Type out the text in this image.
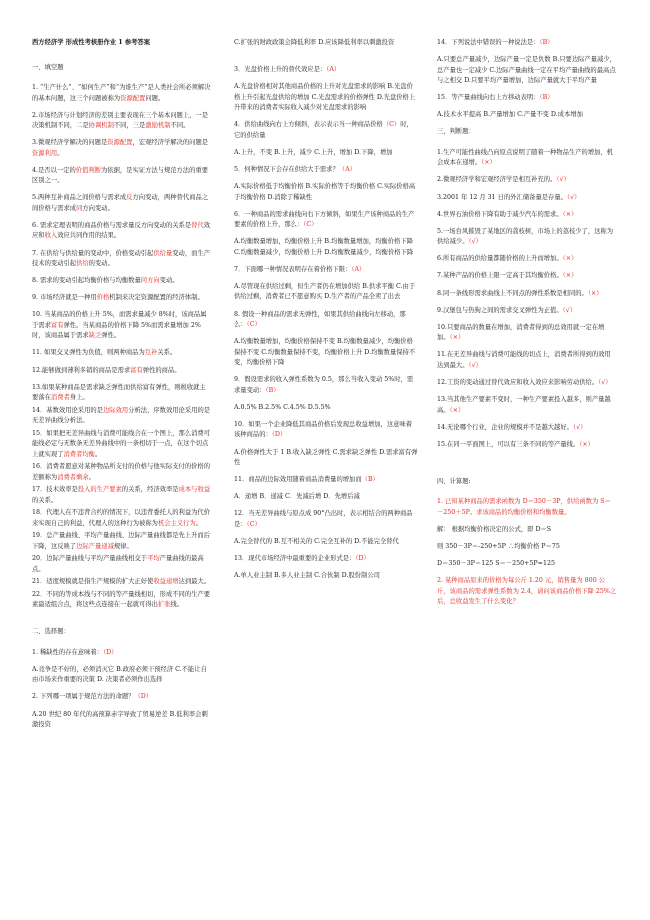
西方经济学 形成性考核册作业 1 参考答案
一、填空题
1. “生产什么”、“如何生产”和“为谁生产”是人类社会所必须解决的基本问题，这三个问题被称为资源配置问题。
2.市场经济与计划经济的差别主要表现在三个基本问题上，一是决策机制不同，二是协调机制不同，三是激励机制不同。
3.微观经济学解决的问题是资源配置，宏观经济学解决的问题是资源利用。
4.是否以一定的价值判断为依据，是实证方法与规范方法的重要区别之一。
5.两种互补商品之间价格与需求成反方向变动，两种替代商品之间价格与需求成同方向变动。
6. 需求定理表明的商品价格与需求量反方向变动的关系是替代效应和收入效应共同作用的结果。
7. 在供给与供给量的变动中，价格变动引起供给量变动，而生产技术的变动引起供给的变动。
8. 需求的变动引起均衡价格与均衡数量同方向变动。
9. 市场经济就是一种用价格机制来决定资源配置的经济体制。
10. 当某商品的价格上升 5%，而需求量减少 8%时，该商品属于需求富有弹性。当某商品的价格下降 5%而需求量增加 2%时，该商品属于需求缺乏弹性。
11. 如果交叉弹性为负值，则两种商品为互补关系。
12.能够做到薄利多销的商品是需求富有弹性的商品。
13.如果某种商品是需求缺乏弹性而供给富有弹性，则税收就主要落在消费者身上。
14．基数效用论采用的是边际效用分析法，序数效用论采用的是无差异曲线分析法。
15．如果把无差异曲线与消费可能线合在一个图上，那么消费可能线必定与无数条无差异曲线中的一条相切于一点，在这个切点上就实现了消费者均衡。
16．消费者愿意对某种物品所支付的价格与他实际支付的价格的差额称为消费者剩余。
17．技术效率是投入的生产要素的关系，经济效率是成本与收益的关系。
18．代理人在不违背合约的情况下，以违背委托人的利益为代价来实现自己的利益，代理人的这种行为被称为机会主义行为。
19．总产量曲线、平均产量曲线、边际产量曲线都是先上升而后下降，这反映了边际产量递减规律。
20．边际产量曲线与平均产量曲线相交于平均产量曲线的最高点。
21．适度规模就是指生产规模的扩大正好使收益递增达到最大。
22．不同的等成本线与不同的等产量线相切，形成不同的生产要素最适组合点，将这些点连接在一起就可得出扩张线。
二、选择题：
1. 稀缺性的存在意味着：（D）
A.竞争是不好的，必须消灭它 B.政府必须干预经济 C.不能让自由市场来作重要的决策 D. 决策者必须作出选择
2. 下列哪一项属于规范方法的命题？（D）
A.20 世纪 80 年代的高预算赤字导致了贸易逆差 B.低利率会刺激投资
C.扩张的财政政策会降低利率 D.应该降低利率以刺激投资
3．光盘价格上升的替代效应是：（A）
A.光盘价格相对其他商品价格的上升对光盘需求的影响 B.光盘价格上升引起光盘供给的增加 C.光盘需求的价格弹性 D.光盘价格上升带来的消费者实际收入减少对光盘需求的影响
4．供给曲线向右上方倾斜，表示表示当一种商品价格（C）时，它的供给量
A.上升，不变 B.上升，减少 C.上升，增加 D.下降，增加
5．何种情况下会存在供给大于需求？（A）
A.实际价格低于均衡价格 B.实际价格等于均衡价格 C.实际价格高于均衡价格 D.消除了稀缺性
6．一种商品的需求曲线向右下方倾斜，如果生产该种商品的生产要素的价格上升，那么：（C）
A.均衡数量增加，均衡价格上升 B.均衡数量增加，均衡价格下降 C.均衡数量减少，均衡价格上升 D.均衡数量减少，均衡价格下降
7．下面哪一种情况表明存在着价格下限：（A）
A.尽管现在供给过剩，但生产者仍在增加供给 B.供求平衡 C.由于供给过剩，消费者已不愿意购买 D.生产者的产品全卖了出去
8. 假设一种商品的需求无弹性，如果其供给曲线向左移动，那么：（C）
A.均衡数量增加，均衡价格保持不变 B.均衡数量减少，均衡价格保持不变 C.均衡数量保持不变，均衡价格上升 D.均衡数量保持不变，均衡价格下降
9．假设需求的收入弹性系数为 0.5，那么当收入变动 5%时，需求量变动：（B）
A.0.5% B.2.5% C.4.5% D.5.5%
10．如果一个企业降低其商品价格后发现总收益增加，这意味着该种商品的：（D）
A.价格弹性大于 1 B.收入缺乏弹性 C.需求缺乏弹性 D.需求富有弹性
11．商品的边际效用随着商品消费量的增加而（B）
A．递增 B．递减 C．先减后增 D．先增后减
12．当无差异曲线与原点成 90°凸出时，表示相结合的两种商品是：（C）
A.完全替代的 B.互不相关的 C.完全互补的 D.不能完全替代
13．现代市场经济中最重要的企业形式是：（D）
A.单人业主制 B.多人业主制 C.合伙制 D.股份制公司
14．下列说法中错误的一种说法是：（B）
A.只要总产量减少，边际产量一定是负数 B.只要边际产量减少，总产量也一定减少 C.边际产量曲线一定在平均产量曲线的最高点与之相交 D.只要平均产量增加，边际产量就大于平均产量
15．等产量曲线向右上方移动表明：（B）
A.技术水平提高 B.产量增加 C.产量不变 D.成本增加
三，判断题：
1.生产可能性曲线凸向原点说明了随着一种物品生产的增加，机会成本在递增。（×）
2.微观经济学和宏观经济学是相互补充的。（√）
3.2001 年 12 月 31 日的外汇储备量是存量。（√）
4.世界石油价格下降有助于减少汽车的需求。（×）
5.一场台风摧毁了某地区的荔枝树，市场上的荔枝少了，这称为供给减少。（√）
6.所有商品的供给量都随价格的上升而增加。（×）
7.某种产品的价格上限一定高于其均衡价格。（×）
8.同一条线形需求曲线上不同点的弹性系数是相同的。（×）
9.汉堡包与热狗之间的需求交叉弹性为正值。（√）
10.只要商品的数量在增加，消费者得到的总效用就一定在增加。（×）
11.在无差异曲线与消费可能线的切点上，消费者所得到的效用达到最大。（√）
12.工资的变动通过替代效应和收入效应来影响劳动供给。（√）
13.当其他生产要素不变时，一种生产要素投入越多，则产量越高。（×）
14.无论哪个行业，企业的规模并不是越大越好。（√）
15.在同一平面图上，可以有三条不同的等产量线。（×）
四、计算题:
1. 已知某种商品的需求函数为 D＝350－3P，供给函数为 S＝－250＋5P。求该商品的均衡价格和均衡数量。
解： 根据均衡价格决定的公式，即 D＝S
则 350－3P＝-250+5P ∴均衡价格 P＝75
D＝350－3P＝125 S＝－250+5P=125
2. 某种商品原来的价格为每公斤 1.20 元，销售量为 800 公斤，该商品的需求弹性系数为 2.4，请问该商品价格下降 25%之后，总收益发生了什么变化？
